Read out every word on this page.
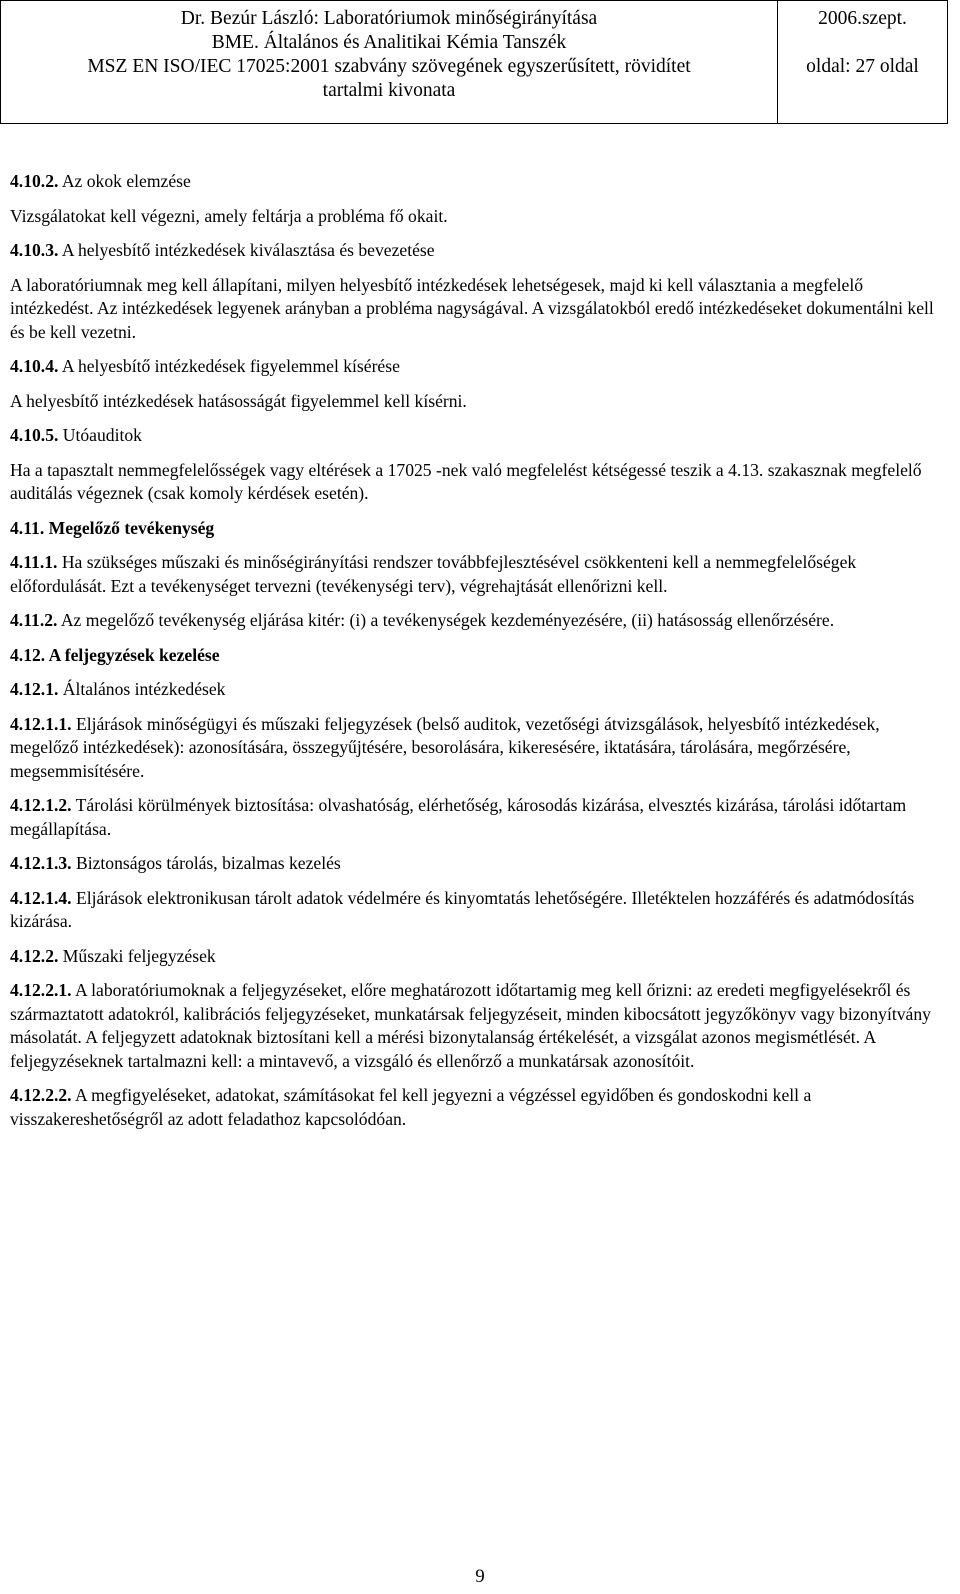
Dr. Bezúr László: Laboratóriumok minőségirányítása
BME. Általános és Analitikai Kémia Tanszék
MSZ EN ISO/IEC 17025:2001 szabvány szövegének egyszerűsített, rövidítet
tartalmi kivonata
2006.szept.
oldal: 27 oldal

4.10.2. Az okok elemzése

Vizsgálatokat kell végezni, amely feltárja a probléma fő okait.

4.10.3. A helyesbítő intézkedések kiválasztása és bevezetése

A laboratóriumnak meg kell állapítani, milyen helyesbítő intézkedések lehetségesek, majd ki kell választania a megfelelő intézkedést. Az intézkedések legyenek arányban a probléma nagyságával. A vizsgálatokból eredő intézkedéseket dokumentálni kell és be kell vezetni.

4.10.4. A helyesbítő intézkedések figyelemmel kísérése

A helyesbítő intézkedések hatásosságát figyelemmel kell kísérni.

4.10.5. Utóauditok

Ha a tapasztalt nemmegfelelősségek vagy eltérések a 17025 -nek való megfelelést kétségessé teszik a 4.13. szakasznak megfelelő auditálás végeznek (csak komoly kérdések esetén).

4.11. Megelőző tevékenység

4.11.1. Ha szükséges műszaki és minőségirányítási rendszer továbbfejlesztésével csökkenteni kell a nemmegfelelőségek előfordulását. Ezt a tevékenységet tervezni (tevékenységi terv), végrehajtását ellenőrizni kell.

4.11.2. Az megelőző tevékenység eljárása kitér: (i) a tevékenységek kezdeményezésére, (ii) hatásosság ellenőrzésére.

4.12. A feljegyzések kezelése

4.12.1. Általános intézkedések

4.12.1.1. Eljárások minőségügyi és műszaki feljegyzések (belső auditok, vezetőségi átvizsgálások, helyesbítő intézkedések, megelőző intézkedések): azonosítására, összegyűjtésére, besorolására, kikeresésére, iktatására, tárolására, megőrzésére, megsemmisítésére.

4.12.1.2. Tárolási körülmények biztosítása: olvashatóság, elérhetőség, károsodás kizárása, elvesztés kizárása, tárolási időtartam megállapítása.

4.12.1.3. Biztonságos tárolás, bizalmas kezelés

4.12.1.4. Eljárások elektronikusan tárolt adatok védelmére és kinyomtatás lehetőségére. Illetéktelen hozzáférés és adatmódosítás kizárása.

4.12.2. Műszaki feljegyzések

4.12.2.1. A laboratóriumoknak a feljegyzéseket, előre meghatározott időtartamig meg kell őrizni: az eredeti megfigyelésekről és származtatott adatokról, kalibrációs feljegyzéseket, munkatársak feljegyzéseit, minden kibocsátott jegyzőkönyv vagy bizonyítvány másolatát. A feljegyzett adatoknak biztosítani kell a mérési bizonytalanság értékelését, a vizsgálat azonos megismétlését. A feljegyzéseknek tartalmazni kell: a mintavevő, a vizsgáló és ellenőrző a munkatársak azonosítóit.

4.12.2.2. A megfigyeléseket, adatokat, számításokat fel kell jegyezni a végzéssel egyidőben és gondoskodni kell a visszakereshetőségről az adott feladathoz kapcsolódóan.

9
